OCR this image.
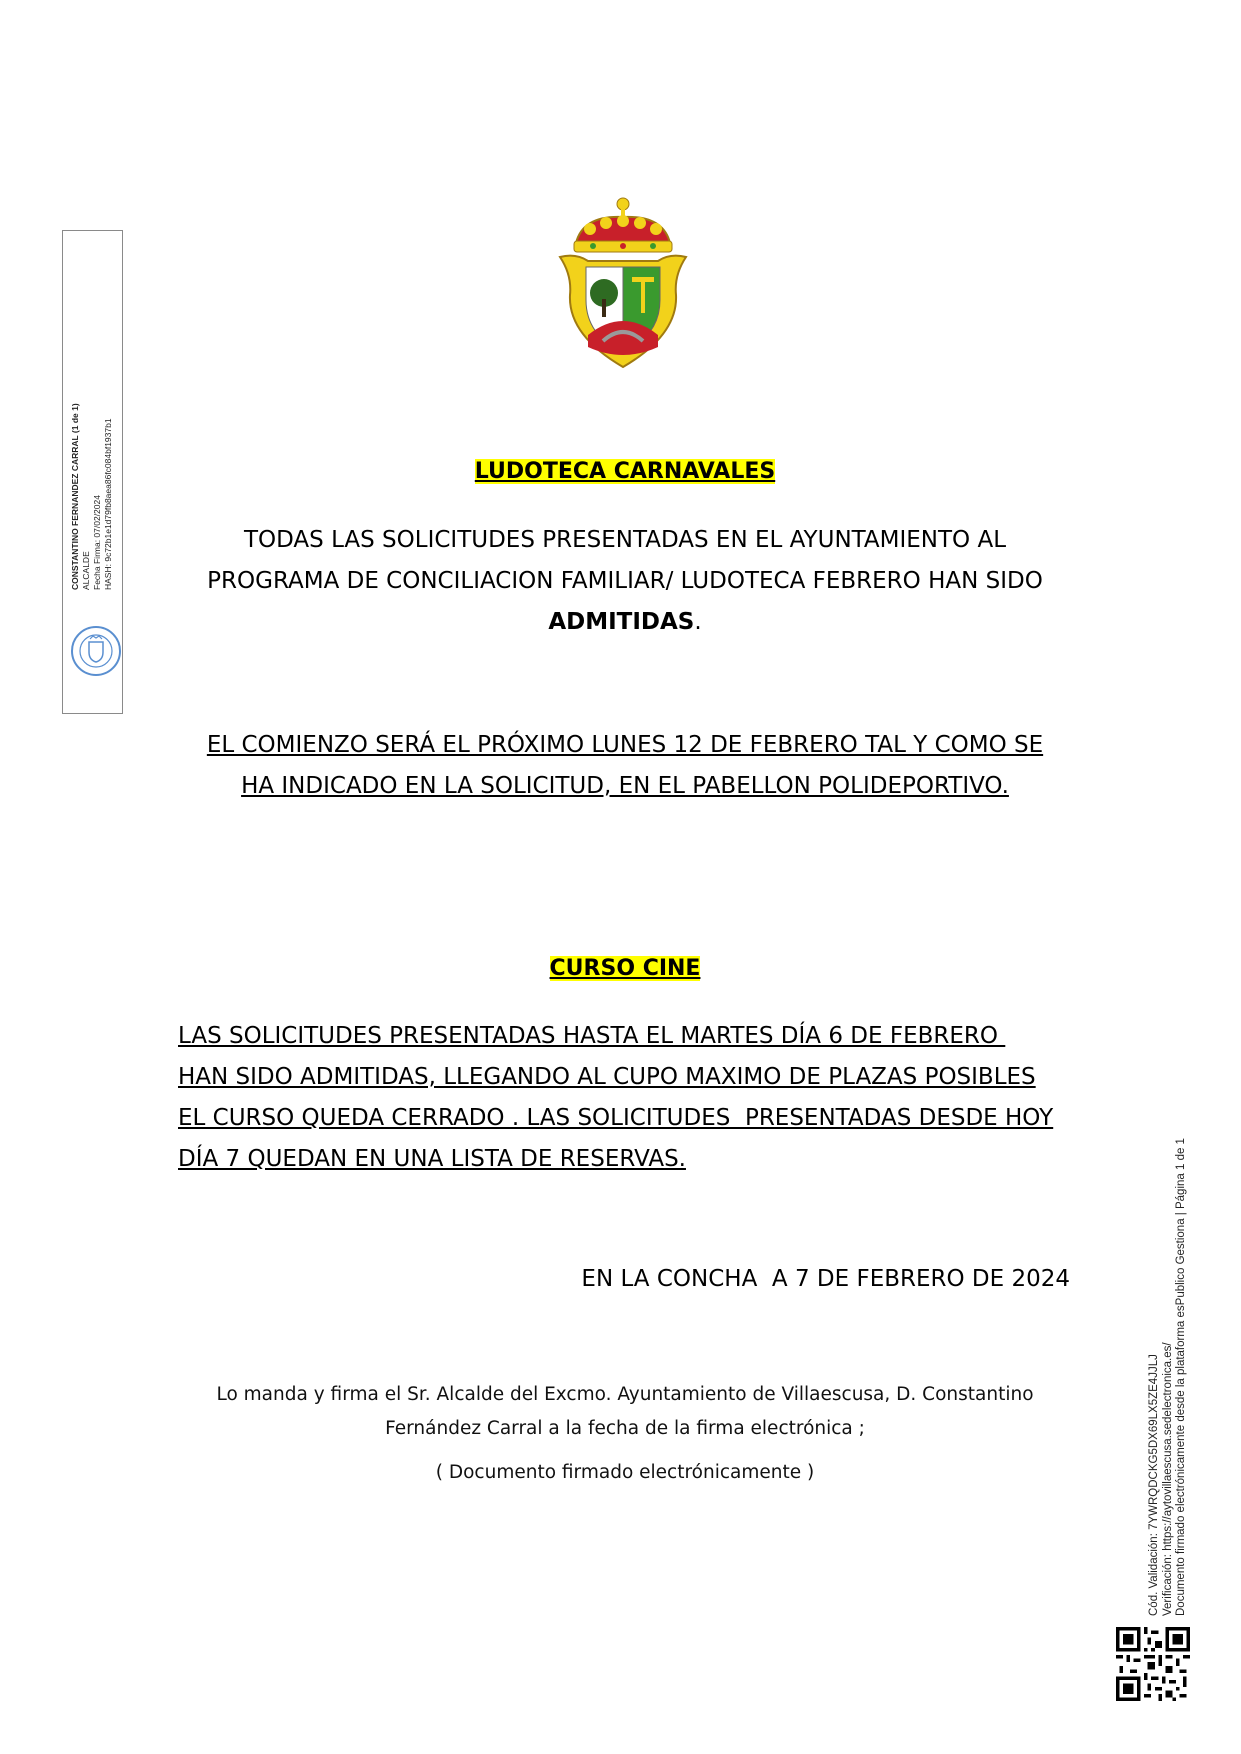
CONSTANTINO FERNANDEZ CARRAL (1 de 1) ALCALDE Fecha Firma: 07/02/2024 HASH: 9c72b1e1d79fb8aea86fc084bf1937b1	LUDOTECA CARNAVALES
TODAS LAS SOLICITUDES PRESENTADAS EN EL AYUNTAMIENTO AL
PROGRAMA DE CONCILIACION FAMILIAR/ LUDOTECA FEBRERO HAN SIDO
ADMITIDAS.
EL COMIENZO SERÁ EL PRÓXIMO LUNES 12 DE FEBRERO TAL Y COMO SE
HA INDICADO EN LA SOLICITUD, EN EL PABELLON POLIDEPORTIVO.
CURSO CINE
LAS SOLICITUDES PRESENTADAS HASTA EL MARTES DÍA 6 DE FEBRERO
HAN SIDO ADMITIDAS, LLEGANDO AL CUPO MAXIMO DE PLAZAS POSIBLES
EL CURSO QUEDA CERRADO . LAS SOLICITUDES  PRESENTADAS DESDE HOY
DÍA 7 QUEDAN EN UNA LISTA DE RESERVAS.
EN LA CONCHA  A 7 DE FEBRERO DE 2024
Lo manda y firma el Sr. Alcalde del Excmo. Ayuntamiento de Villaescusa, D. Constantino
Fernández Carral a la fecha de la firma electrónica ;
( Documento firmado electrónicamente )	Cód. Validación: 7YWRQDCKG5DX69LX5ZE4JJLJ Verificación: https://aytovillaescusa.sedelectronica.es/ Documento firmado electrónicamente desde la plataforma esPublico Gestiona | Página 1 de 1
